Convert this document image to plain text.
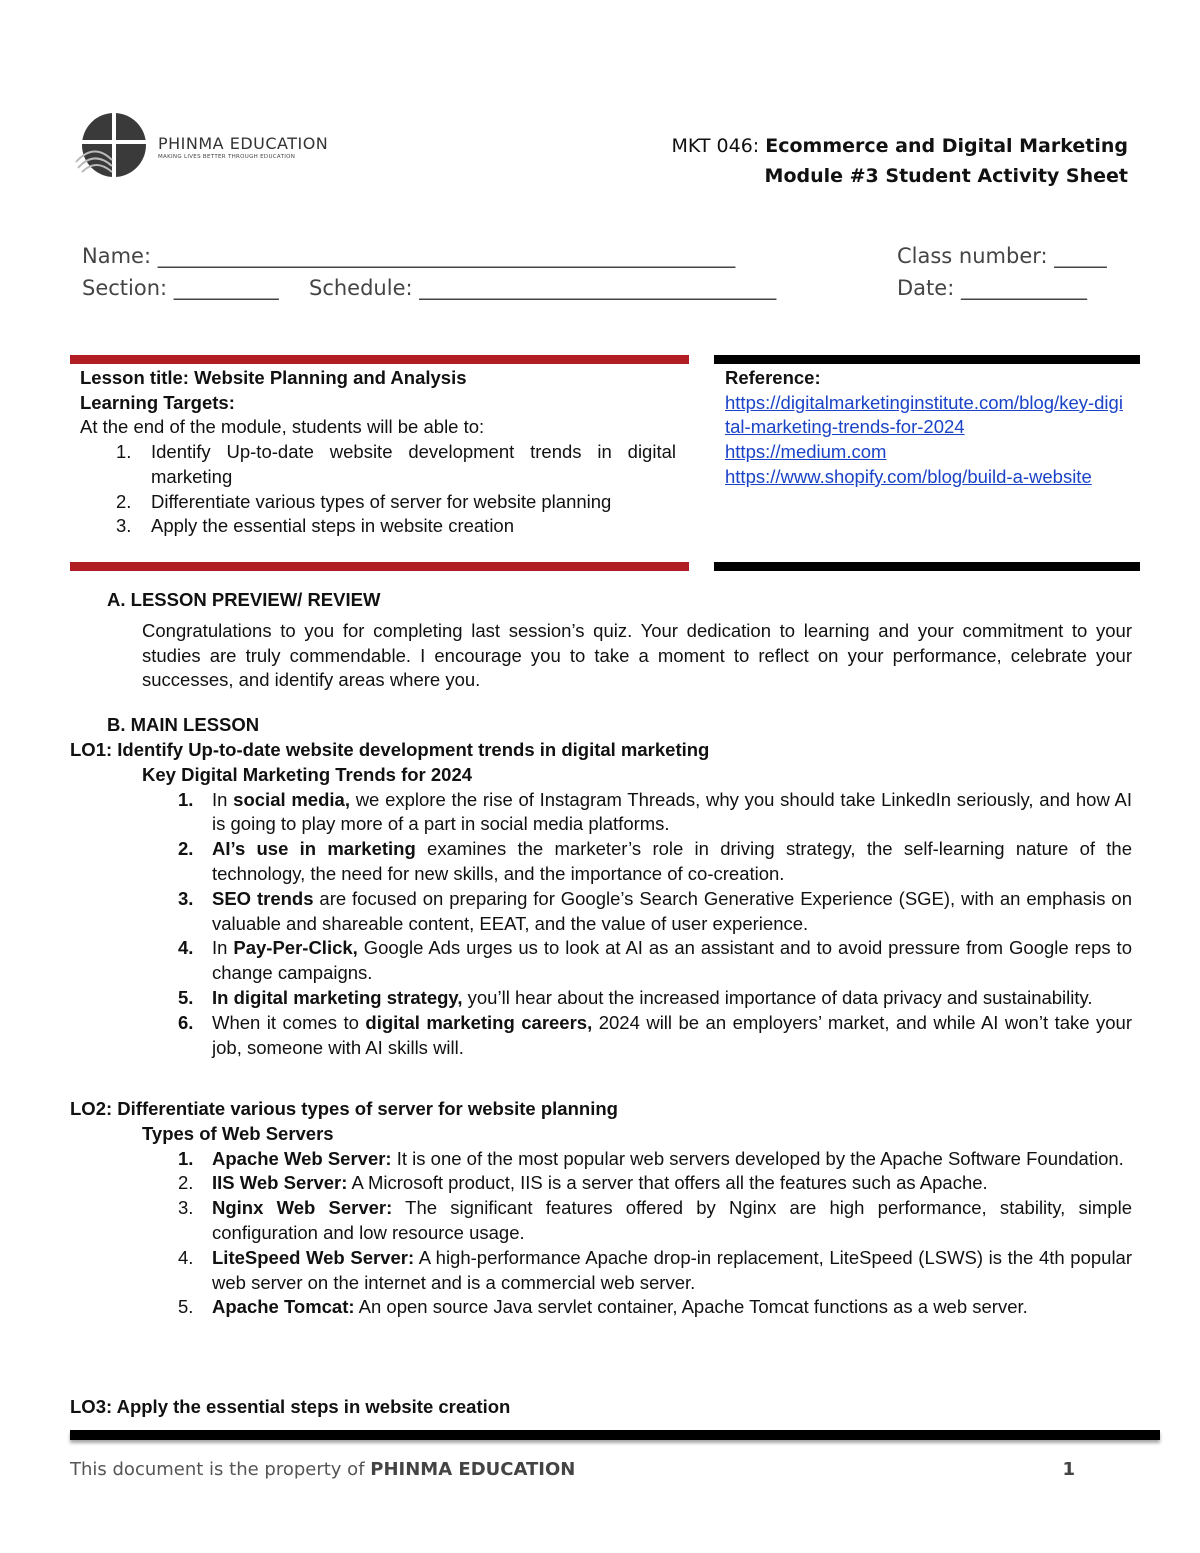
PHINMA EDUCATION
MAKING LIVES BETTER THROUGH EDUCATION	MKT 046: Ecommerce and Digital Marketing
Module #3 Student Activity Sheet
Name: _______________________________________________________	Class number: _____
Section: __________ Schedule: __________________________________	Date: ____________
Lesson title: Website Planning and Analysis
Learning Targets:
At the end of the module, students will be able to:
1. Identify Up-to-date website development trends in digital marketing
2. Differentiate various types of server for website planning
3. Apply the essential steps in website creation
Reference:
https://digitalmarketinginstitute.com/blog/key-digital-marketing-trends-for-2024
https://medium.com
https://www.shopify.com/blog/build-a-website
A. LESSON PREVIEW/ REVIEW
Congratulations to you for completing last session’s quiz. Your dedication to learning and your commitment to your studies are truly commendable. I encourage you to take a moment to reflect on your performance, celebrate your successes, and identify areas where you.
B. MAIN LESSON
LO1: Identify Up-to-date website development trends in digital marketing
Key Digital Marketing Trends for 2024
1. In social media, we explore the rise of Instagram Threads, why you should take LinkedIn seriously, and how AI is going to play more of a part in social media platforms.
2. AI’s use in marketing examines the marketer’s role in driving strategy, the self-learning nature of the technology, the need for new skills, and the importance of co-creation.
3. SEO trends are focused on preparing for Google’s Search Generative Experience (SGE), with an emphasis on valuable and shareable content, EEAT, and the value of user experience.
4. In Pay-Per-Click, Google Ads urges us to look at AI as an assistant and to avoid pressure from Google reps to change campaigns.
5. In digital marketing strategy, you’ll hear about the increased importance of data privacy and sustainability.
6. When it comes to digital marketing careers, 2024 will be an employers’ market, and while AI won’t take your job, someone with AI skills will.
LO2: Differentiate various types of server for website planning
Types of Web Servers
1. Apache Web Server: It is one of the most popular web servers developed by the Apache Software Foundation.
2. IIS Web Server: A Microsoft product, IIS is a server that offers all the features such as Apache.
3. Nginx Web Server: The significant features offered by Nginx are high performance, stability, simple configuration and low resource usage.
4. LiteSpeed Web Server: A high-performance Apache drop-in replacement, LiteSpeed (LSWS) is the 4th popular web server on the internet and is a commercial web server.
5. Apache Tomcat: An open source Java servlet container, Apache Tomcat functions as a web server.
LO3: Apply the essential steps in website creation
This document is the property of PHINMA EDUCATION	1
